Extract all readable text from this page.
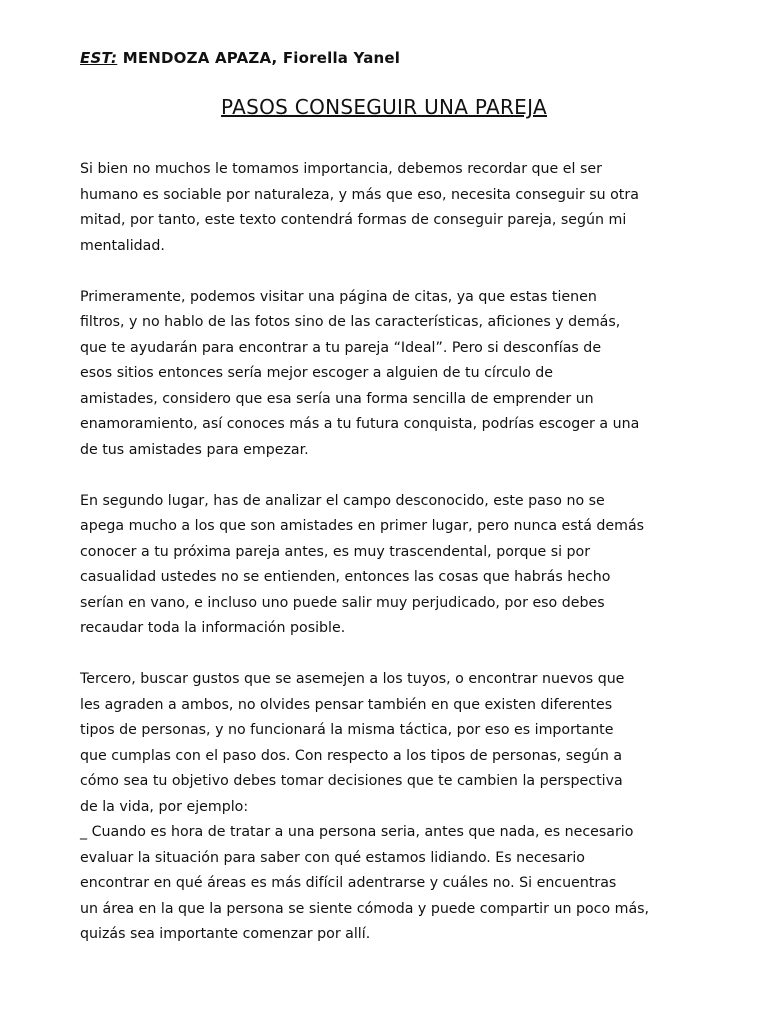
EST: MENDOZA APAZA, Fiorella Yanel
PASOS CONSEGUIR UNA PAREJA

Si bien no muchos le tomamos importancia, debemos recordar que el ser
humano es sociable por naturaleza, y más que eso, necesita conseguir su otra
mitad, por tanto, este texto contendrá formas de conseguir pareja, según mi
mentalidad.

Primeramente, podemos visitar una página de citas, ya que estas tienen
filtros, y no hablo de las fotos sino de las características, aficiones y demás,
que te ayudarán para encontrar a tu pareja “Ideal”. Pero si desconfías de
esos sitios entonces sería mejor escoger a alguien de tu círculo de
amistades, considero que esa sería una forma sencilla de emprender un
enamoramiento, así conoces más a tu futura conquista, podrías escoger a una
de tus amistades para empezar.

En segundo lugar, has de analizar el campo desconocido, este paso no se
apega mucho a los que son amistades en primer lugar, pero nunca está demás
conocer a tu próxima pareja antes, es muy trascendental, porque si por
casualidad ustedes no se entienden, entonces las cosas que habrás hecho
serían en vano, e incluso uno puede salir muy perjudicado, por eso debes
recaudar toda la información posible.

Tercero, buscar gustos que se asemejen a los tuyos, o encontrar nuevos que
les agraden a ambos, no olvides pensar también en que existen diferentes
tipos de personas, y no funcionará la misma táctica, por eso es importante
que cumplas con el paso dos. Con respecto a los tipos de personas, según a
cómo sea tu objetivo debes tomar decisiones que te cambien la perspectiva
de la vida, por ejemplo:
_ Cuando es hora de tratar a una persona seria, antes que nada, es necesario
evaluar la situación para saber con qué estamos lidiando. Es necesario
encontrar en qué áreas es más difícil adentrarse y cuáles no. Si encuentras
un área en la que la persona se siente cómoda y puede compartir un poco más,
quizás sea importante comenzar por allí.
